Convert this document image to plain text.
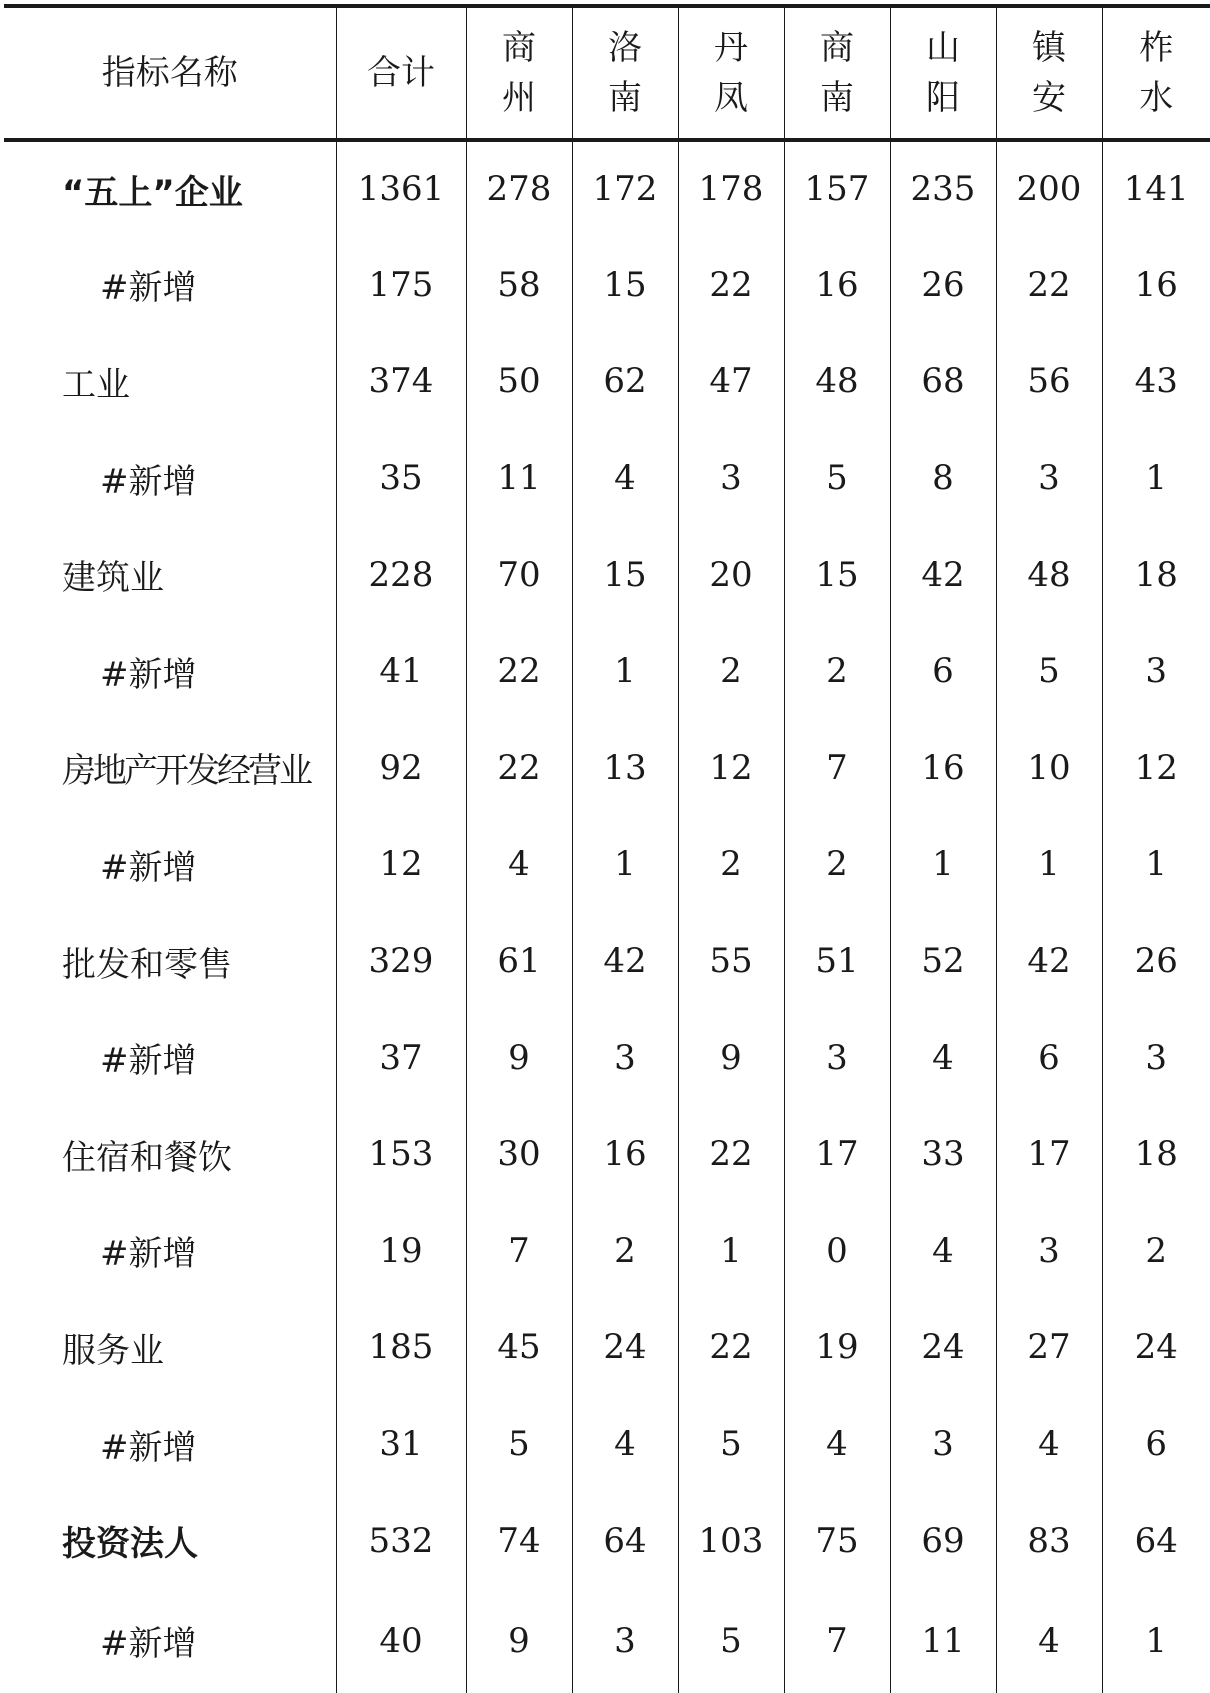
指标名称	合计	商州	洛南	丹凤	商南	山阳	镇安	柞水
“五上”企业	1361	278	172	178	157	235	200	141
#新增	175	58	15	22	16	26	22	16
工业	374	50	62	47	48	68	56	43
#新增	35	11	4	3	5	8	3	1
建筑业	228	70	15	20	15	42	48	18
#新增	41	22	1	2	2	6	5	3
房地产开发经营业	92	22	13	12	7	16	10	12
#新增	12	4	1	2	2	1	1	1
批发和零售	329	61	42	55	51	52	42	26
#新增	37	9	3	9	3	4	6	3
住宿和餐饮	153	30	16	22	17	33	17	18
#新增	19	7	2	1	0	4	3	2
服务业	185	45	24	22	19	24	27	24
#新增	31	5	4	5	4	3	4	6
投资法人	532	74	64	103	75	69	83	64
#新增	40	9	3	5	7	11	4	1
